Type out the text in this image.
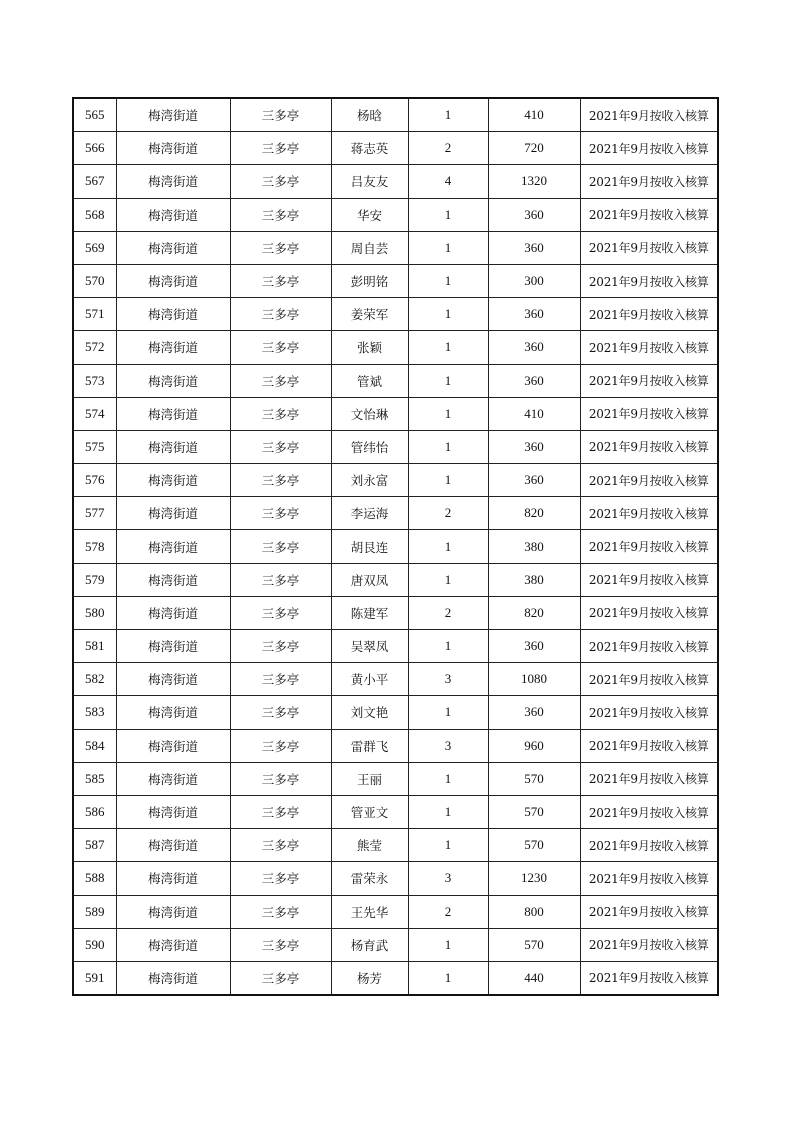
565	梅湾街道	三多亭	杨晗	1	410	2021年9月按收入核算
566	梅湾街道	三多亭	蒋志英	2	720	2021年9月按收入核算
567	梅湾街道	三多亭	吕友友	4	1320	2021年9月按收入核算
568	梅湾街道	三多亭	华安	1	360	2021年9月按收入核算
569	梅湾街道	三多亭	周自芸	1	360	2021年9月按收入核算
570	梅湾街道	三多亭	彭明铭	1	300	2021年9月按收入核算
571	梅湾街道	三多亭	姜荣军	1	360	2021年9月按收入核算
572	梅湾街道	三多亭	张颖	1	360	2021年9月按收入核算
573	梅湾街道	三多亭	管斌	1	360	2021年9月按收入核算
574	梅湾街道	三多亭	文怡琳	1	410	2021年9月按收入核算
575	梅湾街道	三多亭	管纬怡	1	360	2021年9月按收入核算
576	梅湾街道	三多亭	刘永富	1	360	2021年9月按收入核算
577	梅湾街道	三多亭	李运海	2	820	2021年9月按收入核算
578	梅湾街道	三多亭	胡艮连	1	380	2021年9月按收入核算
579	梅湾街道	三多亭	唐双凤	1	380	2021年9月按收入核算
580	梅湾街道	三多亭	陈建军	2	820	2021年9月按收入核算
581	梅湾街道	三多亭	吴翠凤	1	360	2021年9月按收入核算
582	梅湾街道	三多亭	黄小平	3	1080	2021年9月按收入核算
583	梅湾街道	三多亭	刘文艳	1	360	2021年9月按收入核算
584	梅湾街道	三多亭	雷群飞	3	960	2021年9月按收入核算
585	梅湾街道	三多亭	王丽	1	570	2021年9月按收入核算
586	梅湾街道	三多亭	管亚文	1	570	2021年9月按收入核算
587	梅湾街道	三多亭	熊莹	1	570	2021年9月按收入核算
588	梅湾街道	三多亭	雷荣永	3	1230	2021年9月按收入核算
589	梅湾街道	三多亭	王先华	2	800	2021年9月按收入核算
590	梅湾街道	三多亭	杨育武	1	570	2021年9月按收入核算
591	梅湾街道	三多亭	杨芳	1	440	2021年9月按收入核算
